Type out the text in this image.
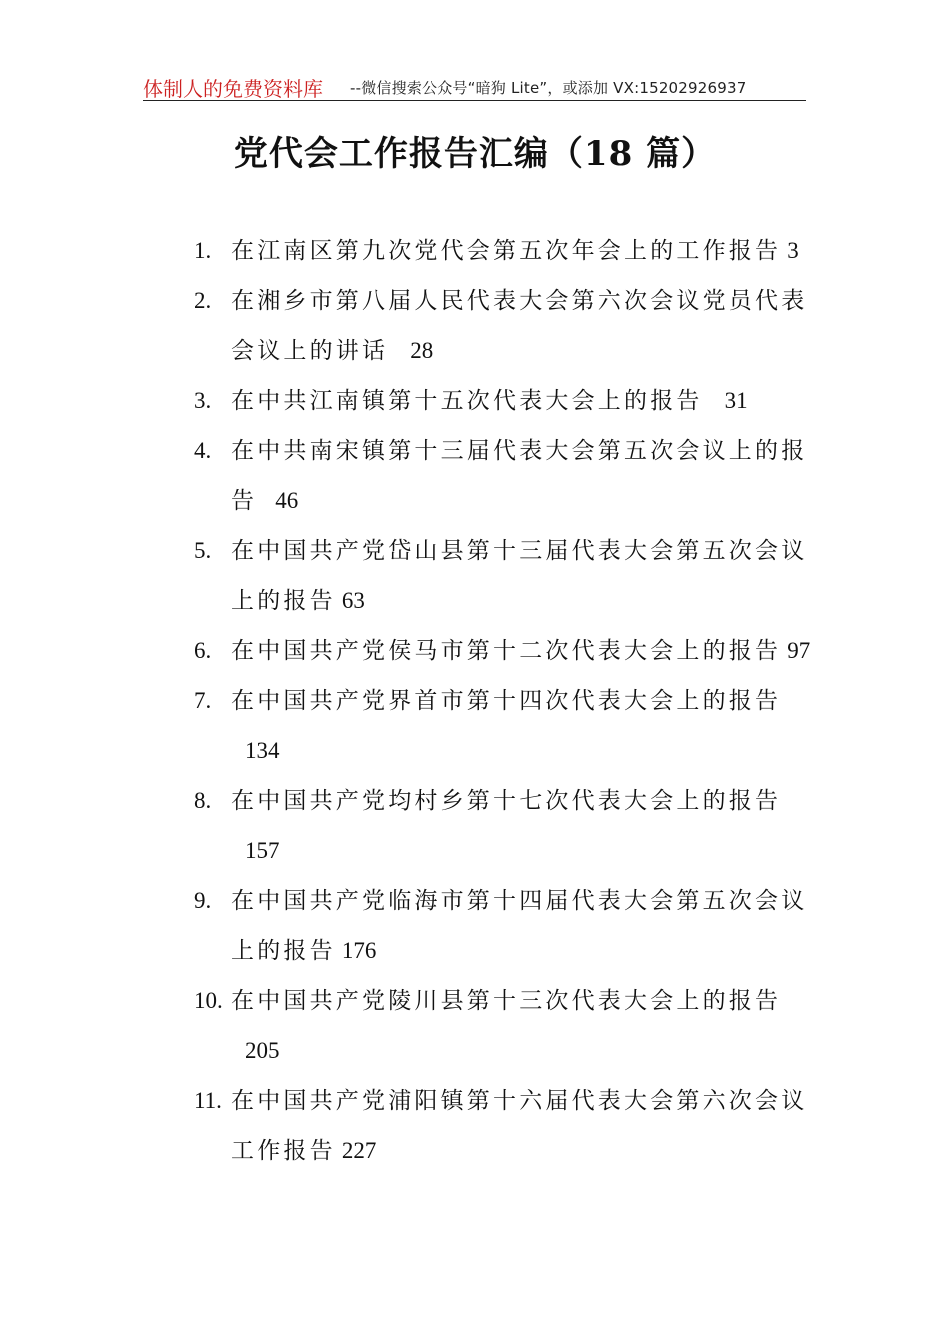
体制人的免费资料库 --微信搜索公众号“暗狗 Lite”，或添加 VX:15202926937
党代会工作报告汇编（18 篇）
1. 在江南区第九次党代会第五次年会上的工作报告 3
2. 在湘乡市第八届人民代表大会第六次会议党员代表
会议上的讲话 28
3. 在中共江南镇第十五次代表大会上的报告 31
4. 在中共南宋镇第十三届代表大会第五次会议上的报
告 46
5. 在中国共产党岱山县第十三届代表大会第五次会议
上的报告 63
6. 在中国共产党侯马市第十二次代表大会上的报告 97
7. 在中国共产党界首市第十四次代表大会上的报告
134
8. 在中国共产党均村乡第十七次代表大会上的报告
157
9. 在中国共产党临海市第十四届代表大会第五次会议
上的报告 176
10. 在中国共产党陵川县第十三次代表大会上的报告
205
11. 在中国共产党浦阳镇第十六届代表大会第六次会议
工作报告 227
